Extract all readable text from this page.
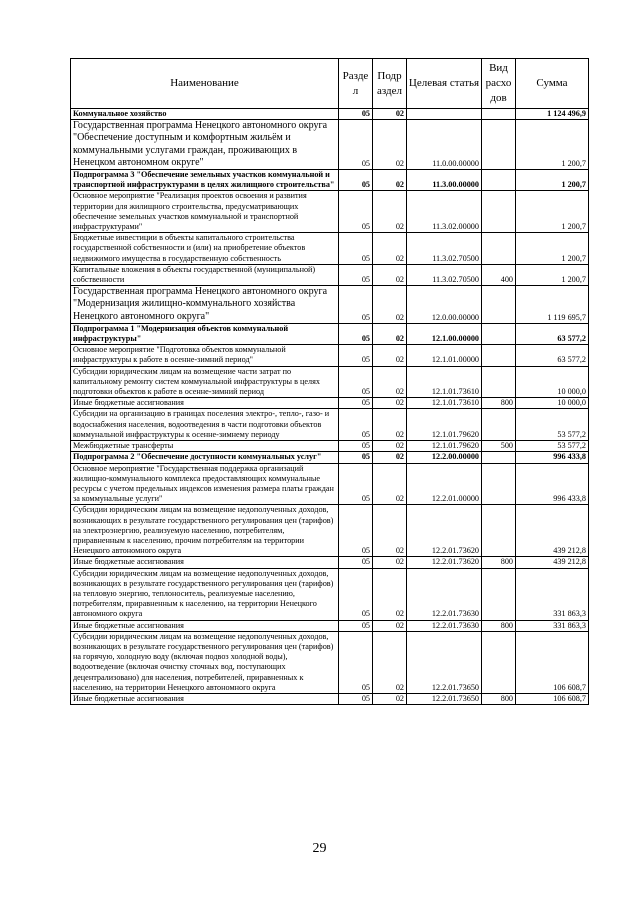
Наименование	Разде л	Подр аздел	Целевая статья	Вид расхо дов	Сумма
Коммунальное хозяйство	05	02			1 124 496,9
Государственная программа Ненецкого автономного округа "Обеспечение доступным и комфортным жильём и коммунальными услугами граждан, проживающих в Ненецком автономном округе"	05	02	11.0.00.00000		1 200,7
Подпрограмма 3 "Обеспечение земельных участков коммунальной и транспортной инфраструктурами в целях жилищного строительства"	05	02	11.3.00.00000		1 200,7
Основное мероприятие "Реализация проектов освоения и развития территории для жилищного строительства, предусматривающих обеспечение земельных участков коммунальной и транспортной инфраструктурами"	05	02	11.3.02.00000		1 200,7
Бюджетные инвестиции в объекты капитального строительства государственной собственности и (или) на приобретение объектов недвижимого имущества в государственную собственность	05	02	11.3.02.70500		1 200,7
Капитальные вложения в объекты государственной (муниципальной) собственности	05	02	11.3.02.70500	400	1 200,7
Государственная программа Ненецкого автономного округа "Модернизация жилищно-коммунального хозяйства Ненецкого автономного округа"	05	02	12.0.00.00000		1 119 695,7
Подпрограмма 1 "Модернизация объектов коммунальной инфраструктуры"	05	02	12.1.00.00000		63 577,2
Основное мероприятие "Подготовка объектов коммунальной инфраструктуры к работе в осенне-зимний период"	05	02	12.1.01.00000		63 577,2
Субсидии юридическим лицам на возмещение части затрат по капитальному ремонту систем коммунальной инфраструктуры в целях подготовки объектов к работе в осенне-зимний период	05	02	12.1.01.73610		10 000,0
Иные бюджетные ассигнования	05	02	12.1.01.73610	800	10 000,0
Субсидии на организацию в границах поселения электро-, тепло-, газо- и водоснабжения населения, водоотведения в части подготовки объектов коммунальной инфраструктуры к осенне-зимнему периоду	05	02	12.1.01.79620		53 577,2
Межбюджетные трансферты	05	02	12.1.01.79620	500	53 577,2
Подпрограмма 2 "Обеспечение доступности коммунальных услуг"	05	02	12.2.00.00000		996 433,8
Основное мероприятие "Государственная поддержка организаций жилищно-коммунального комплекса предоставляющих коммунальные ресурсы с учетом предельных индексов изменения размера платы граждан за коммунальные услуги"	05	02	12.2.01.00000		996 433,8
Субсидии юридическим лицам на возмещение недополученных доходов, возникающих в результате государственного регулирования цен (тарифов) на электроэнергию, реализуемую населению, потребителям, приравненным к населению, прочим потребителям на территории Ненецкого автономного округа	05	02	12.2.01.73620		439 212,8
Иные бюджетные ассигнования	05	02	12.2.01.73620	800	439 212,8
Субсидии юридическим лицам на возмещение недополученных доходов, возникающих в результате государственного регулирования цен (тарифов) на тепловую энергию, теплоноситель, реализуемые населению, потребителям, приравненным к населению, на территории Ненецкого автономного округа	05	02	12.2.01.73630		331 863,3
Иные бюджетные ассигнования	05	02	12.2.01.73630	800	331 863,3
Субсидии юридическим лицам на возмещение недополученных доходов, возникающих в результате государственного регулирования цен (тарифов) на горячую, холодную воду (включая подвоз холодной воды), водоотведение (включая очистку сточных вод, поступающих децентрализовано) для населения, потребителей, приравненных к населению, на территории Ненецкого автономного округа	05	02	12.2.01.73650		106 608,7
Иные бюджетные ассигнования	05	02	12.2.01.73650	800	106 608,7
29
